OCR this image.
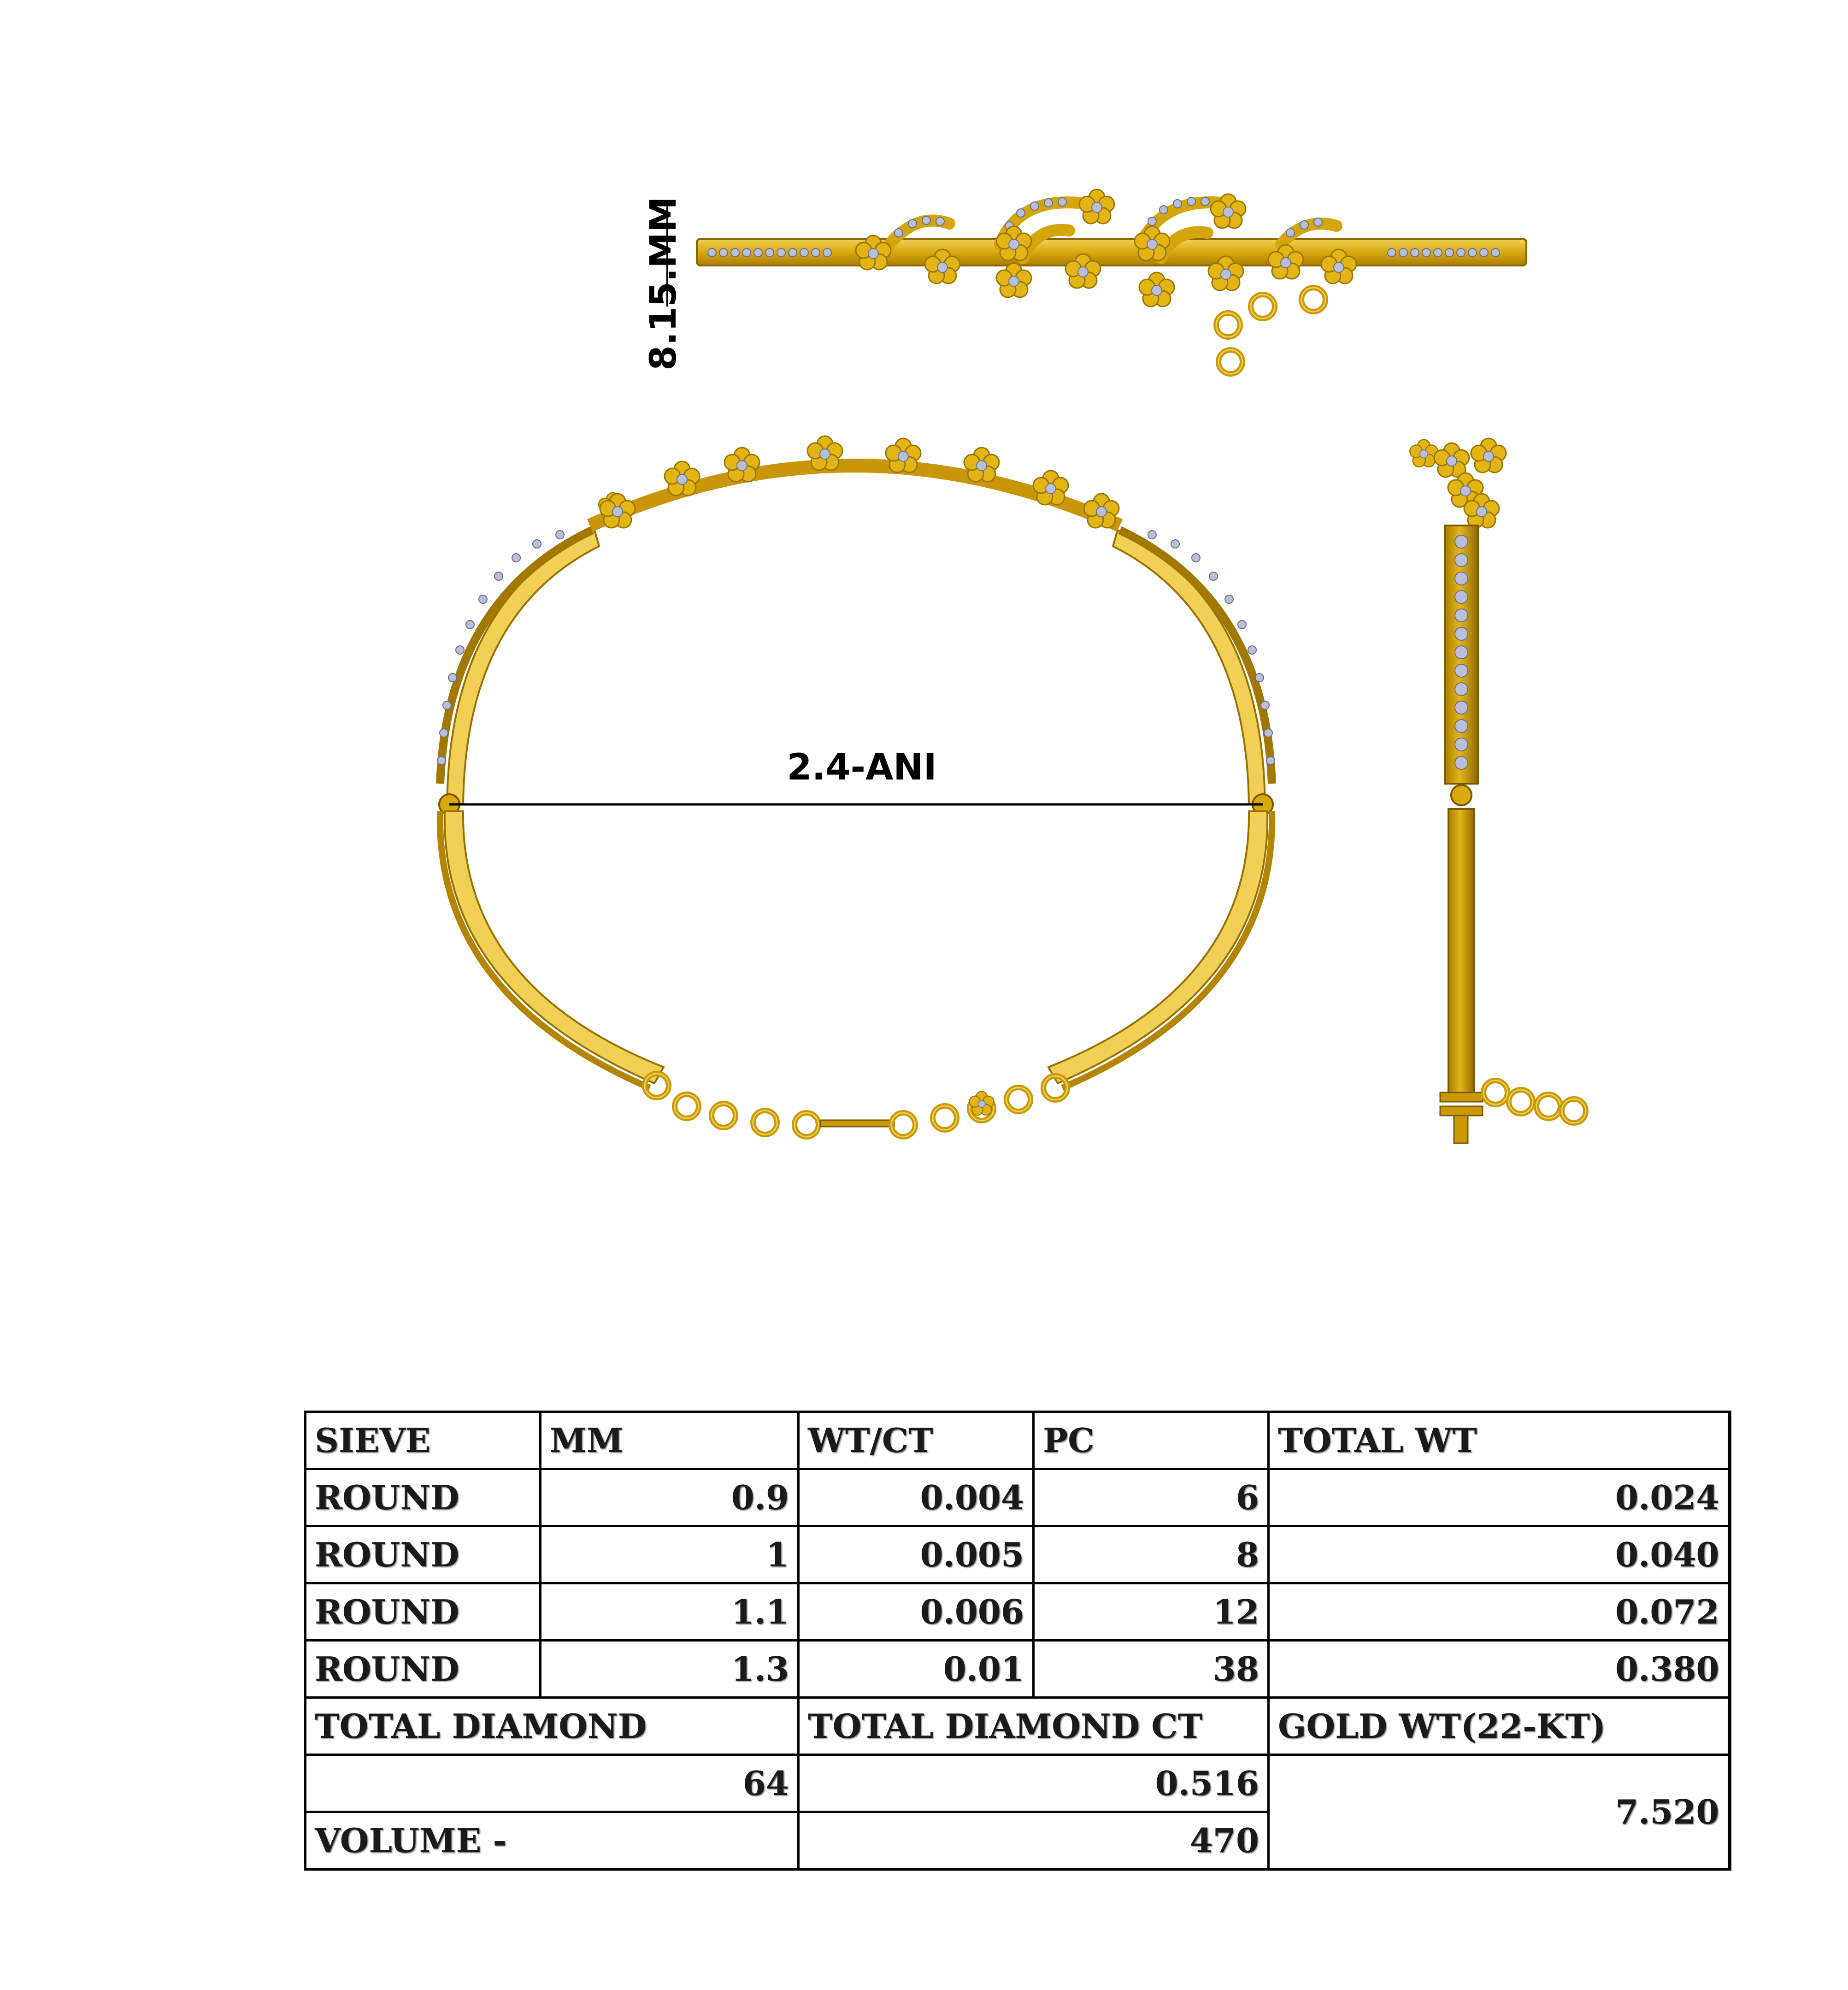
8.15.MM
2.4-ANI
SIEVE	MM	WT/CT	PC	TOTAL WT
ROUND	0.9	0.004	6	0.024
ROUND	1	0.005	8	0.040
ROUND	1.1	0.006	12	0.072
ROUND	1.3	0.01	38	0.380
TOTAL DIAMOND		TOTAL DIAMOND CT		GOLD WT(22-KT)
64		0.516		7.520
VOLUME -		470		
